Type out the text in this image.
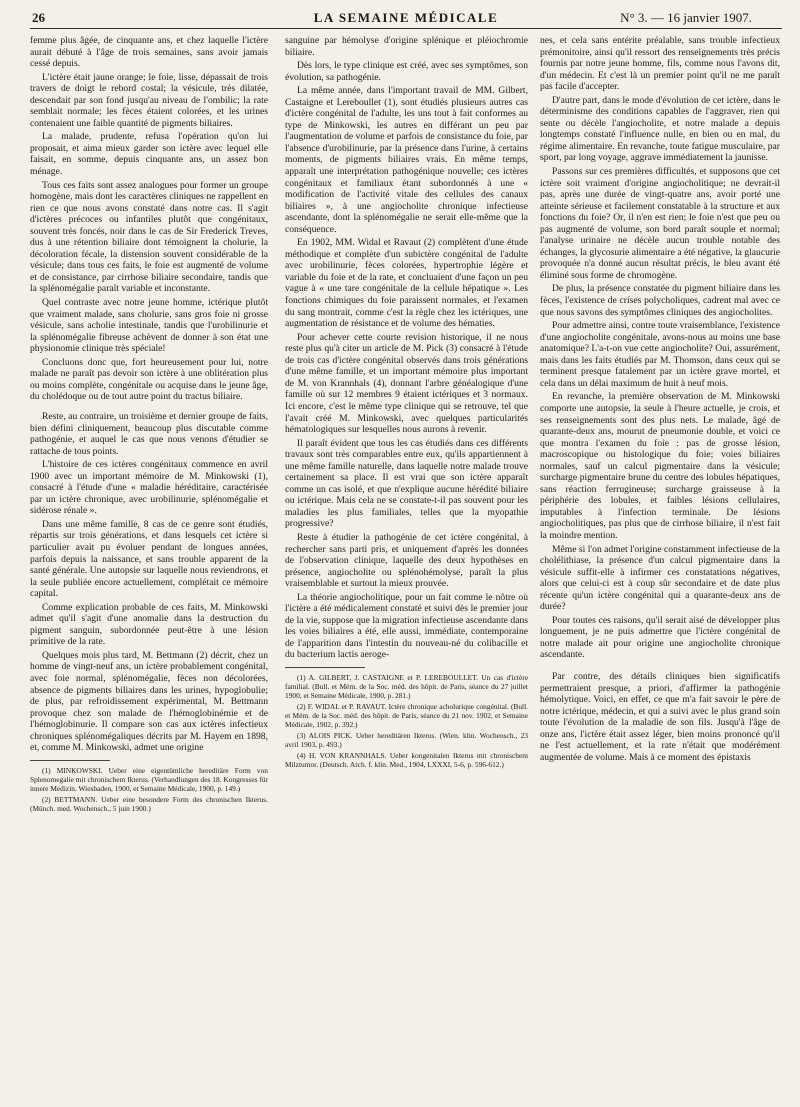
26	LA SEMAINE MÉDICALE	N° 3. — 16 janvier 1907.

femme plus âgée, de cinquante ans, et chez laquelle l'ictère aurait débuté à l'âge de trois semaines, sans avoir jamais cessé depuis.

L'ictère était jaune orange; le foie, lisse, dépassait de trois travers de doigt le rebord costal; la vésicule, très dilatée, descendait par son fond jusqu'au niveau de l'ombilic; la rate semblait normale; les fèces étaient colorées, et les urines contenaient une faible quantité de pigments biliaires.

La malade, prudente, refusa l'opération qu'on lui proposait, et aima mieux garder son ictère avec lequel elle faisait, en somme, depuis cinquante ans, un assez bon ménage.

Tous ces faits sont assez analogues pour former un groupe homogène, mais dont les caractères cliniques ne rappellent en rien ce que nous avons constaté dans notre cas. Il s'agit d'ictères précoces ou infantiles plutôt que congénitaux, souvent très foncés, noir dans le cas de Sir Frederick Treves, dus à une rétention biliaire dont témoignent la cholurie, la décoloration fécale, la distension souvent considérable de la vésicule; dans tous ces faits, le foie est augmenté de volume et de consistance, par cirrhose biliaire secondaire, tandis que la splénomégalie paraît variable et inconstante.

Quel contraste avec notre jeune homme, ictérique plutôt que vraiment malade, sans cholurie, sans gros foie ni grosse vésicule, sans acholie intestinale, tandis que l'urobilinurie et la splénomégalie fibreuse achèvent de donner à son état une physionomie clinique très spéciale!

Concluons donc que, fort heureusement pour lui, notre malade ne paraît pas devoir son ictère à une oblitération plus ou moins complète, congénitale ou acquise dans le jeune âge, du cholédoque ou de tout autre point du tractus biliaire.

Reste, au contraire, un troisième et dernier groupe de faits, bien défini cliniquement, beaucoup plus discutable comme pathogénie, et auquel le cas que nous venons d'étudier se rattache de tous points.

L'histoire de ces ictères congénitaux commence en avril 1900 avec un important mémoire de M. Minkowski (1), consacré à l'étude d'une « maladie héréditaire, caractérisée par un ictère chronique, avec urobilinurie, splénomégalie et sidérose rénale ».

Dans une même famille, 8 cas de ce genre sont étudiés, répartis sur trois générations, et dans lesquels cet ictère si particulier avait pu évoluer pendant de longues années, parfois depuis la naissance, et sans trouble apparent de la santé générale. Une autopsie sur laquelle nous reviendrons, et la seule publiée encore actuellement, complétait ce mémoire capital.

Comme explication probable de ces faits, M. Minkowski admet qu'il s'agit d'une anomalie dans la destruction du pigment sanguin, subordonnée peut-être à une lésion primitive de la rate.

Quelques mois plus tard, M. Bettmann (2) décrit, chez un homme de vingt-neuf ans, un ictère probablement congénital, avec foie normal, splénomégalie, fèces non décolorées, absence de pigments biliaires dans les urines, hypoglobulie; de plus, par refroidissement expérimental, M. Bettmann provoque chez son malade de l'hémoglobinémie et de l'hémoglobinurie. Il compare son cas aux ictères infectieux chroniques splénomégaliques décrits par M. Hayem en 1898, et, comme M. Minkowski, admet une origine

(1) MINKOWSKI. Ueber eine eigentümliche hereditäre Form von Splenomegalie mit chronischem Ikterus. (Verhandlungen des 18. Kongresses für innere Medizin. Wiesbaden, 1900, et Semaine Médicale, 1900, p. 149.)

(2) BETTMANN. Ueber eine besondere Form des chronischen Ikterus. (Münch. med. Wochensch., 5 juin 1900.)

sanguine par hémolyse d'origine splénique et pléiochromie biliaire.

Dès lors, le type clinique est créé, avec ses symptômes, son évolution, sa pathogénie.

La même année, dans l'important travail de MM. Gilbert, Castaigne et Lereboullet (1), sont étudiés plusieurs autres cas d'ictère congénital de l'adulte, les uns tout à fait conformes au type de Minkowski, les autres en différant un peu par l'augmentation de volume et parfois de consistance du foie, par l'absence d'urobilinurie, par la présence dans l'urine, à certains moments, de pigments biliaires vrais. En même temps, apparaît une interprétation pathogénique nouvelle; ces ictères congénitaux et familiaux étant subordonnés à une « modification de l'activité vitale des cellules des canaux biliaires », à une angiocholite chronique infectieuse ascendante, dont la splénomégalie ne serait elle-même que la conséquence.

En 1902, MM. Widal et Ravaut (2) complètent d'une étude méthodique et complète d'un subictère congénital de l'adulte avec urobilinurie, fèces colorées, hypertrophie légère et variable du foie et de la rate, et concluaient d'une façon un peu vague à « une tare congénitale de la cellule hépatique ». Les fonctions chimiques du foie paraissent normales, et l'examen du sang montrait, comme c'est la règle chez les ictériques, une augmentation de résistance et de volume des hématies.

Pour achever cette courte revision historique, il ne nous reste plus qu'à citer un article de M. Pick (3) consacré à l'étude de trois cas d'ictère congénital observés dans trois générations d'une même famille, et un important mémoire plus important de M. von Krannhals (4), donnant l'arbre généalogique d'une famille où sur 12 membres 9 étaient ictériques et 3 normaux. Ici encore, c'est le même type clinique qui se retrouve, tel que l'avait créé M. Minkowski, avec quelques particularités hématologiques sur lesquelles nous aurons à revenir.

Il paraît évident que tous les cas étudiés dans ces différents travaux sont très comparables entre eux, qu'ils appartiennent à une même famille naturelle, dans laquelle notre malade trouve certainement sa place. Il est vrai que son ictère apparaît comme un cas isolé, et que n'explique aucune hérédité biliaire ou ictérique. Mais cela ne se constate-t-il pas souvent pour les maladies les plus familiales, telles que la myopathie progressive?

Reste à étudier la pathogénie de cet ictère congénital, à rechercher sans parti pris, et uniquement d'après les données de l'observation clinique, laquelle des deux hypothèses en présence, angiocholite ou splénohémolyse, paraît la plus vraisemblable et surtout la mieux prouvée.

La théorie angiocholitique, pour un fait comme le nôtre où l'ictère a été médicalement constaté et suivi dès le premier jour de la vie, suppose que la migration infectieuse ascendante dans les voies biliaires a été, elle aussi, immédiate, contemporaine de l'apparition dans l'intestin du nouveau-né du colibacille et du bacterium lactis aeroge-

(1) A. GILBERT, J. CASTAIGNE et P. LEREBOULLET. Un cas d'ictère familial. (Bull. et Mém. de la Soc. méd. des hôpit. de Paris, séance du 27 juillet 1900, et Semaine Médicale, 1900, p. 281.)

(2) F. WIDAL et P. RAVAUT. Ictère chronique acholurique congénital. (Bull. et Mém. de la Soc. méd. des hôpit. de Paris, séance du 21 nov. 1902, et Semaine Médicale, 1902, p. 392.)

(3) ALOIS PICK. Ueber hereditären Ikterus. (Wien. klin. Wochensch., 23 avril 1903, p. 493.)

(4) H. VON KRANNHALS. Ueber kongenitalen Ikterus mit chronischem Milztumor. (Deutsch. Arch. f. klin. Med., 1904, LXXXI, 5-6, p. 596-612.)

nes, et cela sans entérite préalable, sans trouble infectieux prémonitoire, ainsi qu'il ressort des renseignements très précis fournis par notre jeune homme, fils, comme nous l'avons dit, d'un médecin. Et c'est là un premier point qu'il ne me paraît pas facile d'accepter.

D'autre part, dans le mode d'évolution de cet ictère, dans le déterminisme des conditions capables de l'aggraver, rien qui sente ou décèle l'angiocholite, et notre malade a depuis longtemps constaté l'influence nulle, en bien ou en mal, du régime alimentaire. En revanche, toute fatigue musculaire, par sport, par long voyage, aggrave immédiatement la jaunisse.

Passons sur ces premières difficultés, et supposons que cet ictère soit vraiment d'origine angiocholitique; ne devrait-il pas, après une durée de vingt-quatre ans, avoir porté une atteinte sérieuse et facilement constatable à la structure et aux fonctions du foie? Or, il n'en est rien; le foie n'est que peu ou pas augmenté de volume, son bord paraît souple et normal; l'analyse urinaire ne décèle aucun trouble notable des échanges, la glycosurie alimentaire a été négative, la glaucurie provoquée n'a donné aucun résultat précis, le bleu avant été éliminé sous forme de chromogène.

De plus, la présence constatée du pigment biliaire dans les fèces, l'existence de crises polycholiques, cadrent mal avec ce que nous savons des symptômes cliniques des angiocholites.

Pour admettre ainsi, contre toute vraisemblance, l'existence d'une angiocholite congénitale, avons-nous au moins une base anatomique? L'a-t-on vue cette angiocholite? Oui, assurément, mais dans les faits étudiés par M. Thomson, dans ceux qui se terminent presque fatalement par un ictère grave mortel, et cela dans un délai maximum de huit à neuf mois.

En revanche, la première observation de M. Minkowski comporte une autopsie, la seule à l'heure actuelle, je crois, et ses renseignements sont des plus nets. Le malade, âgé de quarante-deux ans, mourut de pneumonie double, et voici ce que montra l'examen du foie : pas de grosse lésion, macroscopique ou histologique du foie; voies biliaires normales, sauf un calcul pigmentaire dans la vésicule; surcharge pigmentaire brune du centre des lobules hépatiques, sans réaction ferrugineuse; surcharge graisseuse à la périphérie des lobules, et faibles lésions cellulaires, imputables à l'infection terminale. De lésions angiocholitiques, pas plus que de cirrhose biliaire, il n'est fait la moindre mention.

Même si l'on admet l'origine constamment infectieuse de la cholélithiase, la présence d'un calcul pigmentaire dans la vésicule suffit-elle à infirmer ces constatations négatives, alors que celui-ci est à coup sûr secondaire et de date plus récente qu'un ictère congénital qui a quarante-deux ans de durée?

Pour toutes ces raisons, qu'il serait aisé de développer plus longuement, je ne puis admettre que l'ictère congénital de notre malade ait pour origine une angiocholite chronique ascendante.

Par contre, des détails cliniques bien significatifs permettraient presque, a priori, d'affirmer la pathogénie hémolytique. Voici, en effet, ce que m'a fait savoir le père de notre ictérique, médecin, et qui a suivi avec le plus grand soin toute l'évolution de la maladie de son fils. Jusqu'à l'âge de onze ans, l'ictère était assez léger, bien moins prononcé qu'il ne l'est actuellement, et la rate n'était que modérément augmentée de volume. Mais à ce moment des épistaxis
